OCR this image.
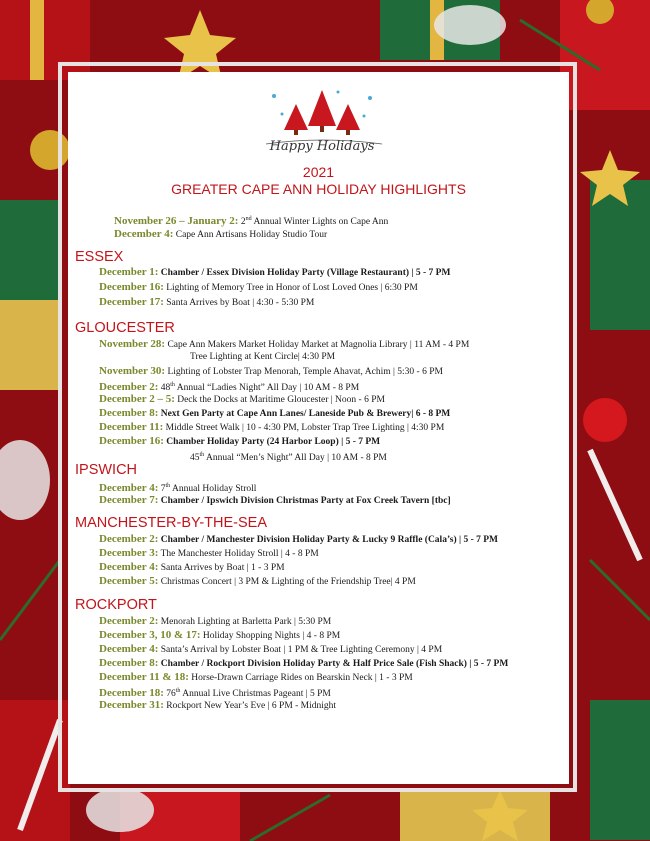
Happy Holidays
2021
GREATER CAPE ANN HOLIDAY HIGHLIGHTS
November 26 – January 2: 2nd Annual Winter Lights on Cape Ann
December 4: Cape Ann Artisans Holiday Studio Tour
ESSEX
December 1: Chamber / Essex Division Holiday Party (Village Restaurant) | 5 - 7 PM
December 16: Lighting of Memory Tree in Honor of Lost Loved Ones | 6:30 PM
December 17: Santa Arrives by Boat | 4:30 - 5:30 PM
GLOUCESTER
November 28: Cape Ann Makers Market Holiday Market at Magnolia Library | 11 AM - 4 PM
Tree Lighting at Kent Circle| 4:30 PM
November 30: Lighting of Lobster Trap Menorah, Temple Ahavat, Achim | 5:30 - 6 PM
December 2: 48th Annual “Ladies Night” All Day | 10 AM - 8 PM
December 2 – 5: Deck the Docks at Maritime Gloucester | Noon - 6 PM
December 8: Next Gen Party at Cape Ann Lanes/ Laneside Pub & Brewery| 6 - 8 PM
December 11: Middle Street Walk | 10 - 4:30 PM, Lobster Trap Tree Lighting | 4:30 PM
December 16: Chamber Holiday Party (24 Harbor Loop) | 5 - 7 PM
45th Annual “Men’s Night” All Day | 10 AM - 8 PM
IPSWICH
December 4: 7th Annual Holiday Stroll
December 7: Chamber / Ipswich Division Christmas Party at Fox Creek Tavern [tbc]
MANCHESTER-BY-THE-SEA
December 2: Chamber / Manchester Division Holiday Party & Lucky 9 Raffle (Cala’s) | 5 - 7 PM
December 3: The Manchester Holiday Stroll | 4 - 8 PM
December 4: Santa Arrives by Boat | 1 - 3 PM
December 5: Christmas Concert | 3 PM & Lighting of the Friendship Tree| 4 PM
ROCKPORT
December 2: Menorah Lighting at Barletta Park | 5:30 PM
December 3, 10 & 17: Holiday Shopping Nights | 4 - 8 PM
December 4: Santa’s Arrival by Lobster Boat | 1 PM & Tree Lighting Ceremony | 4 PM
December 8: Chamber / Rockport Division Holiday Party & Half Price Sale (Fish Shack) | 5 - 7 PM
December 11 & 18: Horse-Drawn Carriage Rides on Bearskin Neck | 1 - 3 PM
December 18: 76th Annual Live Christmas Pageant | 5 PM
December 31: Rockport New Year’s Eve | 6 PM - Midnight
